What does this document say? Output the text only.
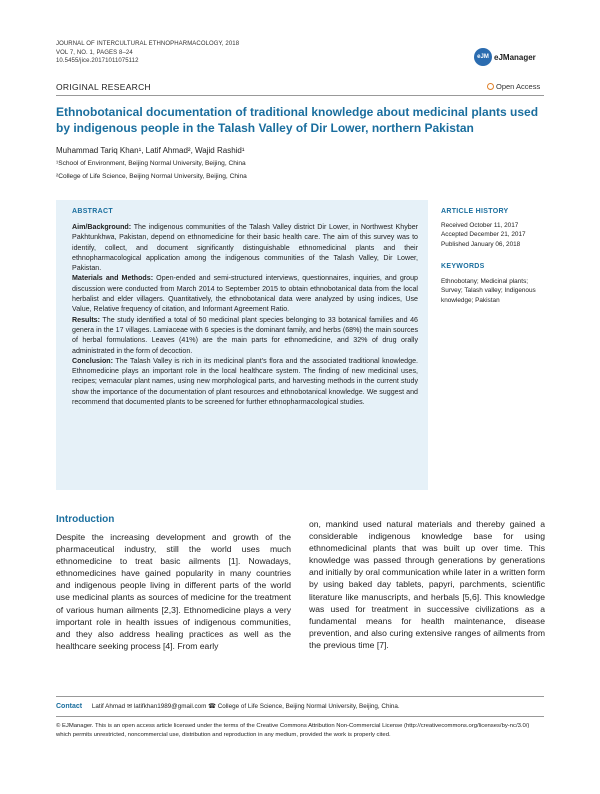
JOURNAL OF INTERCULTURAL ETHNOPHARMACOLOGY, 2018
VOL 7, NO. 1, PAGES 8–24
10.5455/jice.20171011075112
eJM eJManager
ORIGINAL RESEARCH	Open Access
Ethnobotanical documentation of traditional knowledge about medicinal plants used
by indigenous people in the Talash Valley of Dir Lower, northern Pakistan
Muhammad Tariq Khan¹, Latif Ahmad², Wajid Rashid¹
¹School of Environment, Beijing Normal University, Beijing, China
²College of Life Science, Beijing Normal University, Beijing, China
ABSTRACT

Aim/Background: The indigenous communities of the Talash Valley district Dir Lower, in Northwest Khyber Pakhtunkhwa, Pakistan, depend on ethnomedicine for their basic health care. The aim of this survey was to identify, collect, and document significantly distinguishable ethnomedicinal plants and their ethnopharmacological application among the indigenous communities of the Talash Valley, Dir Lower, Pakistan.

Materials and Methods: Open-ended and semi-structured interviews, questionnaires, inquiries, and group discussion were conducted from March 2014 to September 2015 to obtain ethnobotanical data from the local herbalist and elder villagers. Quantitatively, the ethnobotanical data were analyzed by using indices, Use Value, Relative frequency of citation, and Informant Agreement Ratio.

Results: The study identified a total of 50 medicinal plant species belonging to 33 botanical families and 46 genera in the 17 villages. Lamiaceae with 6 species is the dominant family, and herbs (68%) the main sources of herbal formulations. Leaves (41%) are the main parts for ethnomedicine, and 32% of drug orally administrated in the form of decoction.

Conclusion: The Talash Valley is rich in its medicinal plant’s flora and the associated traditional knowledge. Ethnomedicine plays an important role in the local healthcare system. The finding of new medicinal uses, recipes; vernacular plant names, using new morphological parts, and harvesting methods in the current study show the importance of the documentation of plant resources and ethnobotanical knowledge. We suggest and recommend that documented plants to be screened for further ethnopharmacological studies.

ARTICLE HISTORY
Received October 11, 2017
Accepted December 21, 2017
Published January 06, 2018
KEYWORDS
Ethnobotany; Medicinal plants; Survey; Talash valley; Indigenous knowledge; Pakistan
Introduction
Despite the increasing development and growth of the pharmaceutical industry, still the world uses much ethnomedicine to treat basic ailments [1]. Nowadays, ethnomedicines have gained popularity in many countries and indigenous people living in different parts of the world use medicinal plants as sources of medicine for the treatment of various human ailments [2,3]. Ethnomedicine plays a very important role in health issues of indigenous communities, and they also address healing practices as well as the healthcare seeking process [4]. From early
on, mankind used natural materials and thereby gained a considerable indigenous knowledge base for using ethnomedicinal plants that was built up over time. This knowledge was passed through generations by generations and initially by oral communication while later in a written form by using baked day tablets, papyri, parchments, scientific literature like manuscripts, and herbals [5,6]. This knowledge was used for treatment in successive civilizations as a fundamental means for health maintenance, disease prevention, and also curing extensive ranges of ailments from the previous time [7].
Contact Latif Ahmad ✉ latifkhan1989@gmail.com ☎ College of Life Science, Beijing Normal University, Beijing, China.
© EJManager. This is an open access article licensed under the terms of the Creative Commons Attribution Non-Commercial License (http://creativecommons.org/licenses/by-nc/3.0/) which permits unrestricted, noncommercial use, distribution and reproduction in any medium, provided the work is properly cited.
